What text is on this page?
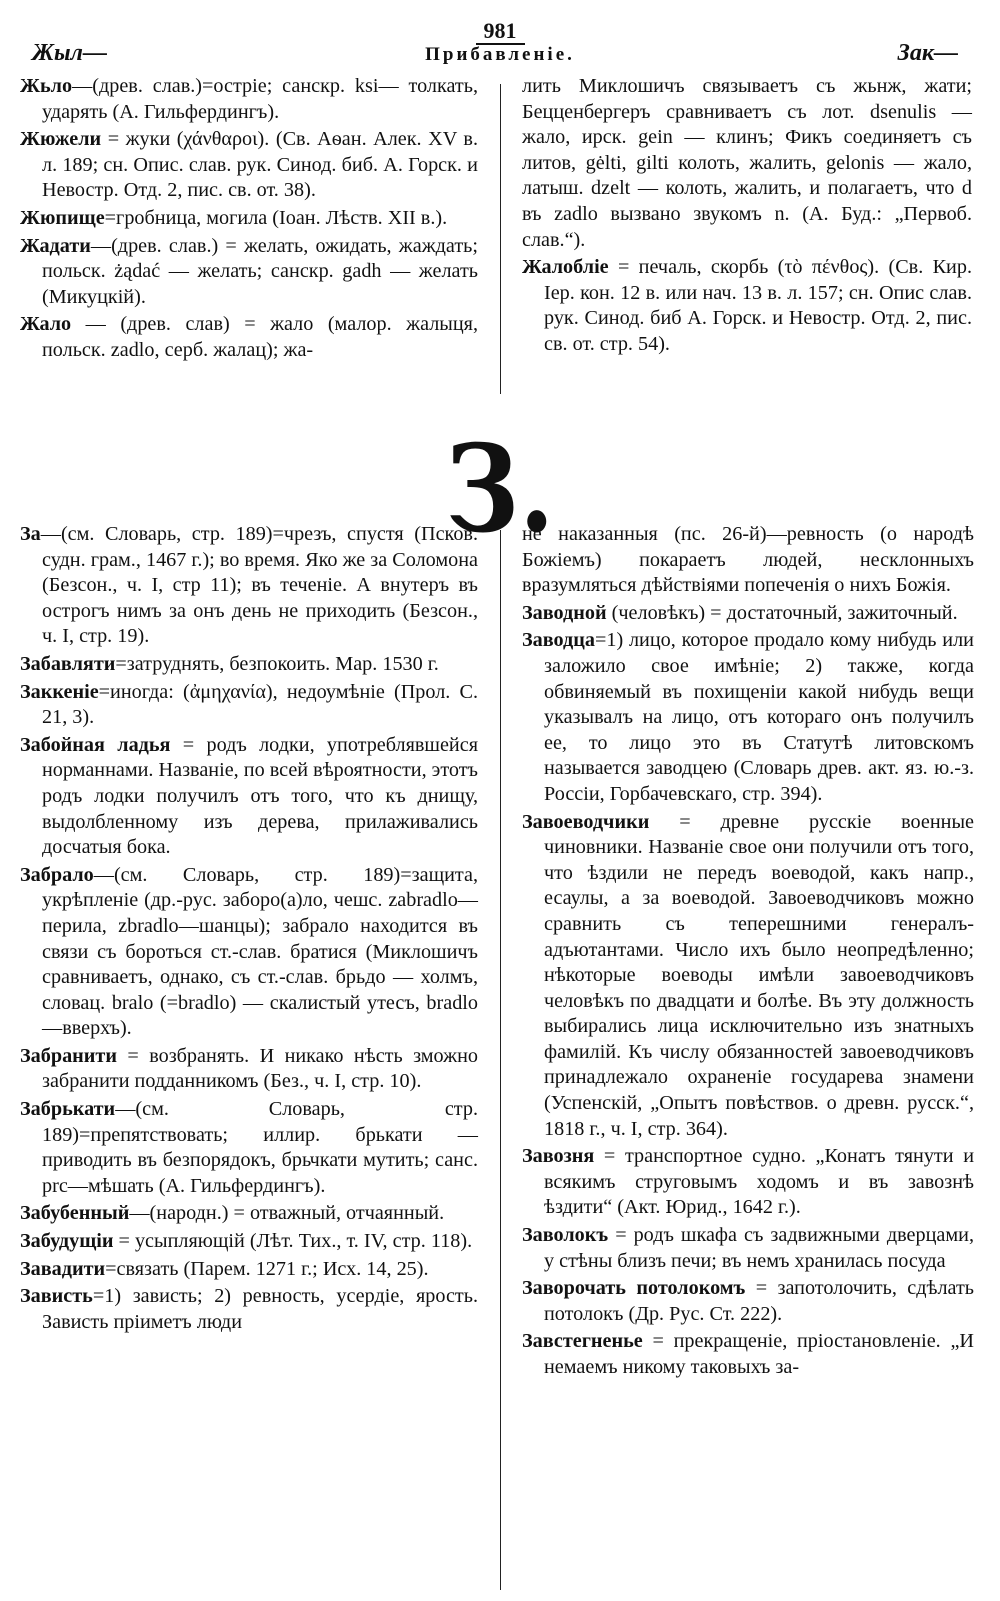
981
Жыл—	Прибавленіе.	Зак—

Жьло—(древ. слав.)=остріе; санскр. ksi— толкать, ударять (А. Гильфердингъ).

Жюжели = жуки (χάνθαροι). (Св. Аѳан. Алек. XV в. л. 189; сн. Опис. слав. рук. Синод. биб. А. Горск. и Невостр. Отд. 2, пис. св. от. 38).

Жюпище=гробница, могила (Іоан. Лѣств. XII в.).

Жадати—(древ. слав.) = желать, ожидать, жаждать; польск. żądać — желать; санскр. gadh — желать (Микуцкій).

Жало — (древ. слав) = жало (малор. жалыця, польск. zadlo, серб. жалац); жа-

лить Миклошичъ связываетъ съ жьнж, жати; Бецценбергеръ сравниваетъ съ лот. dsenulis — жало, ирск. gein — клинъ; Фикъ соединяетъ съ литов, gėlti, gilti колоть, жалить, gelonis — жало, латыш. dzelt — колоть, жалить, и полагаетъ, что d въ zadlo вызвано звукомъ n. (А. Буд.: „Первоб. слав.“).

Жалобліе = печаль, скорбь (τὸ πένθος). (Св. Кир. Іер. кон. 12 в. или нач. 13 в. л. 157; сн. Опис слав. рук. Синод. биб А. Горск. и Невостр. Отд. 2, пис. св. от. стр. 54).

З.

За—(см. Словарь, стр. 189)=чрезъ, спустя (Псков. судн. грам., 1467 г.); во время. Яко же за Соломона (Безсон., ч. I, стр 11); въ теченіе. А внутеръ въ острогъ нимъ за онъ день не приходить (Безсон., ч. I, стр. 19).

Забавляти=затруднять, безпокоить. Мар. 1530 г.

Заккеніе=иногда: (ἀμηχανία), недоумѣніе (Прол. С. 21, 3).

Забойная ладья = родъ лодки, употреблявшейся норманнами. Названіе, по всей вѣроятности, этотъ родъ лодки получилъ отъ того, что къ днищу, выдолбленному изъ дерева, прилаживались досчатыя бока.

Забрало—(см. Словарь, стр. 189)=защита, укрѣпленіе (др.-рус. заборо(а)ло, чешс. zabradlo—перила, zbradlo—шанцы); забрало находится въ связи съ бороться ст.-слав. братися (Миклошичъ сравниваетъ, однако, съ ст.-слав. брьдо — холмъ, словац. bralo (=bradlo) — скалистый утесъ, bradlo—вверхъ).

Забранити = возбранять. И никако нѣсть зможно забранити подданникомъ (Без., ч. I, стр. 10).

Забрькати—(см. Словарь, стр. 189)=препятствовать; иллир. брькати — приводить въ безпорядокъ, брьчкати мутить; санс. prc—мѣшать (А. Гильфердингъ).

Забубенный—(народн.) = отважный, отчаянный.

Забудущіи = усыпляющій (Лѣт. Тих., т. IV, стр. 118).

Завадити=связать (Парем. 1271 г.; Исх. 14, 25).

Зависть=1) зависть; 2) ревность, усердіе, ярость. Зависть пріиметъ люди

не наказанныя (пс. 26-й)—ревность (о народѣ Божіемъ) покараетъ людей, несклонныхъ вразумляться дѣйствіями попеченія о нихъ Божія.

Заводной (человѣкъ) = достаточный, зажиточный.

Заводца=1) лицо, которое продало кому нибудь или заложило свое имѣніе; 2) также, когда обвиняемый въ похищеніи какой нибудь вещи указывалъ на лицо, отъ котораго онъ получилъ ее, то лицо это въ Статутѣ литовскомъ называется заводцею (Словарь древ. акт. яз. ю.-з. Россіи, Горбачевскаго, стр. 394).

Завоеводчики = древне русскіе военные чиновники. Названіе свое они получили отъ того, что ѣздили не передъ воеводой, какъ напр., есаулы, а за воеводой. Завоеводчиковъ можно сравнить съ теперешними генералъ-адъютантами. Число ихъ было неопредѣленно; нѣкоторые воеводы имѣли завоеводчиковъ человѣкъ по двадцати и болѣе. Въ эту должность выбирались лица исключительно изъ знатныхъ фамилій. Къ числу обязанностей завоеводчиковъ принадлежало охраненіе государева знамени (Успенскій, „Опытъ повѣствов. о древн. русск.“, 1818 г., ч. I, стр. 364).

Завозня = транспортное судно. „Конатъ тянути и всякимъ струговымъ ходомъ и въ завознѣ ѣздити“ (Акт. Юрид., 1642 г.).

Заволокъ = родъ шкафа съ задвижными дверцами, у стѣны близъ печи; въ немъ хранилась посуда

Заворочать потолокомъ = запотолочить, сдѣлать потолокъ (Др. Рус. Ст. 222).

Завстегненье = прекращеніе, пріостановленіе. „И немаемъ никому таковыхъ за-
